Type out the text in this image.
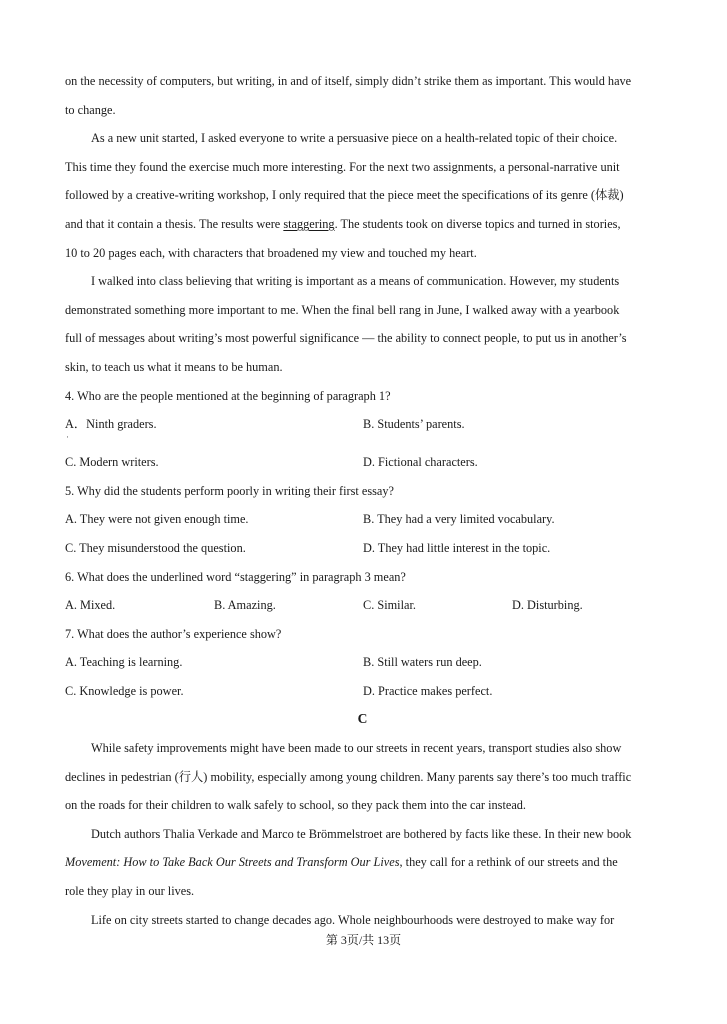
on the necessity of computers, but writing, in and of itself, simply didn’t strike them as important. This would have
to change.

As a new unit started, I asked everyone to write a persuasive piece on a health-related topic of their choice.
This time they found the exercise much more interesting. For the next two assignments, a personal-narrative unit
followed by a creative-writing workshop, I only required that the piece meet the specifications of its genre (体裁)
and that it contain a thesis. The results were staggering. The students took on diverse topics and turned in stories,
10 to 20 pages each, with characters that broadened my view and touched my heart.

I walked into class believing that writing is important as a means of communication. However, my students
demonstrated something more important to me. When the final bell rang in June, I walked away with a yearbook
full of messages about writing’s most powerful significance — the ability to connect people, to put us in another’s
skin, to teach us what it means to be human.

4. Who are the people mentioned at the beginning of paragraph 1?

A．Ninth graders.	B. Students’ parents.
C. Modern writers.	D. Fictional characters.

5. Why did the students perform poorly in writing their first essay?

A. They were not given enough time.	B. They had a very limited vocabulary.
C. They misunderstood the question.	D. They had little interest in the topic.

6. What does the underlined word “staggering” in paragraph 3 mean?

A. Mixed.	B. Amazing.	C. Similar.	D. Disturbing.

7. What does the author’s experience show?

A. Teaching is learning.	B. Still waters run deep.
C. Knowledge is power.	D. Practice makes perfect.

C

While safety improvements might have been made to our streets in recent years, transport studies also show
declines in pedestrian (行人) mobility, especially among young children. Many parents say there’s too much traffic
on the roads for their children to walk safely to school, so they pack them into the car instead.

Dutch authors Thalia Verkade and Marco te Brömmelstroet are bothered by facts like these. In their new book
Movement: How to Take Back Our Streets and Transform Our Lives, they call for a rethink of our streets and the
role they play in our lives.

Life on city streets started to change decades ago. Whole neighbourhoods were destroyed to make way for

·
第 3页/共 13页
